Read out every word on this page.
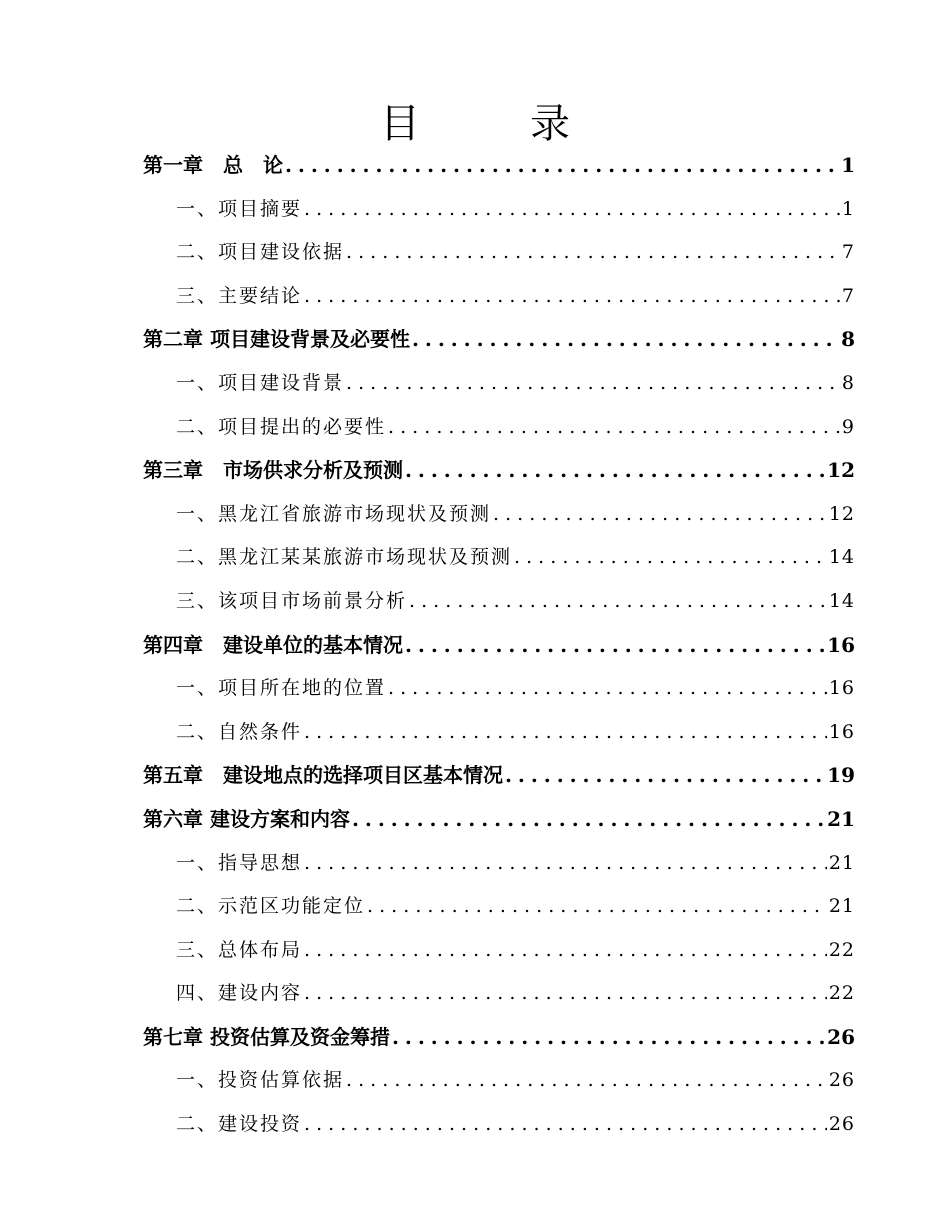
目	录
第一章　总　论 . . .	1
一、项目摘要 . . .	1
二、项目建设依据 . . .	7
三、主要结论 . . .	7
第二章 项目建设背景及必要性 . . .	8
一、项目建设背景 . . .	8
二、项目提出的必要性 . . .	9
第三章　市场供求分析及预测 . . .	12
一、黑龙江省旅游市场现状及预测 . . .	12
二、黑龙江某某旅游市场现状及预测 . . .	14
三、该项目市场前景分析 . . .	14
第四章　建设单位的基本情况 . . .	16
一、项目所在地的位置 . . .	16
二、自然条件 . . .	16
第五章　建设地点的选择项目区基本情况 . . .	19
第六章 建设方案和内容 . . .	21
一、指导思想 . . .	21
二、示范区功能定位 . . .	21
三、总体布局 . . .	22
四、建设内容 . . .	22
第七章 投资估算及资金筹措 . . .	26
一、投资估算依据 . . .	26
二、建设投资 . . .	26
